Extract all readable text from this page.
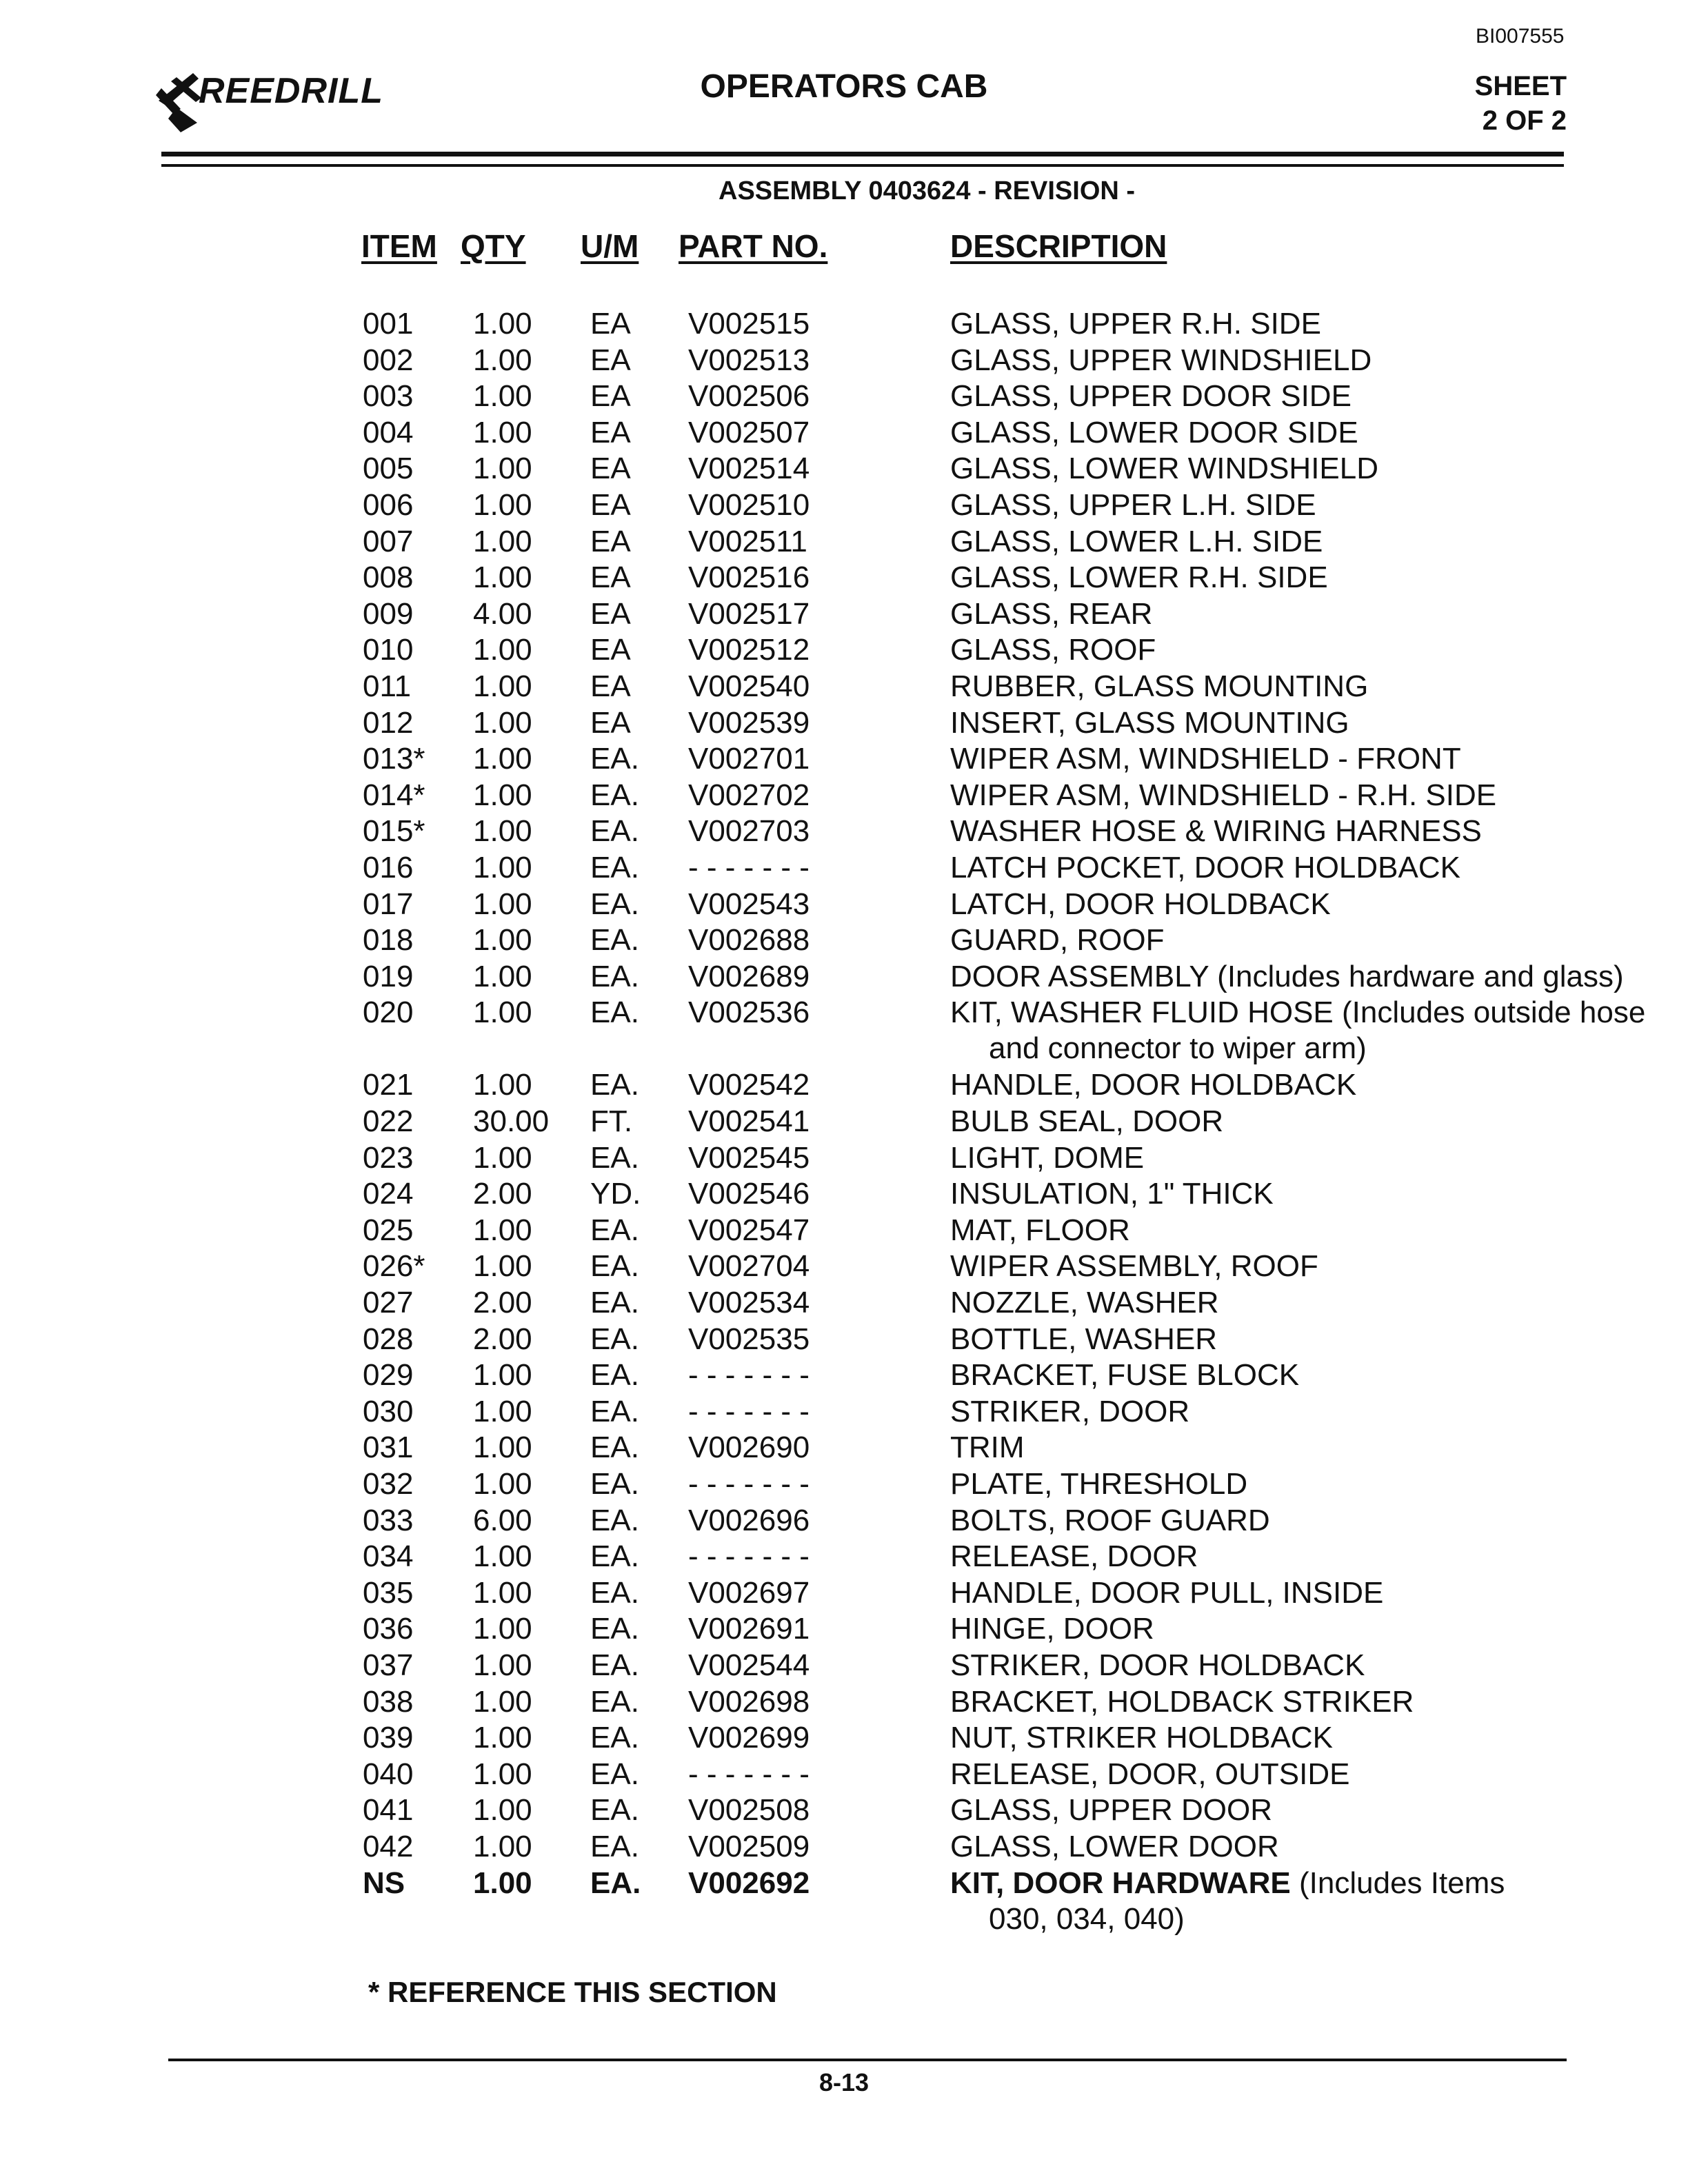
BI007555
REEDRILL	OPERATORS CAB	SHEET
2 OF 2
ASSEMBLY 0403624 - REVISION -
ITEM QTY U/M PART NO.	DESCRIPTION
001 1.00 EA V002515	GLASS, UPPER R.H. SIDE
002 1.00 EA V002513	GLASS, UPPER WINDSHIELD
003 1.00 EA V002506	GLASS, UPPER DOOR SIDE
004 1.00 EA V002507	GLASS, LOWER DOOR SIDE
005 1.00 EA V002514	GLASS, LOWER WINDSHIELD
006 1.00 EA V002510	GLASS, UPPER L.H. SIDE
007 1.00 EA V002511	GLASS, LOWER L.H. SIDE
008 1.00 EA V002516	GLASS, LOWER R.H. SIDE
009 4.00 EA V002517	GLASS, REAR
010 1.00 EA V002512	GLASS, ROOF
011 1.00 EA V002540	RUBBER, GLASS MOUNTING
012 1.00 EA V002539	INSERT, GLASS MOUNTING
013* 1.00 EA. V002701	WIPER ASM, WINDSHIELD - FRONT
014* 1.00 EA. V002702	WIPER ASM, WINDSHIELD - R.H. SIDE
015* 1.00 EA. V002703	WASHER HOSE & WIRING HARNESS
016 1.00 EA. - - - - - - -	LATCH POCKET, DOOR HOLDBACK
017 1.00 EA. V002543	LATCH, DOOR HOLDBACK
018 1.00 EA. V002688	GUARD, ROOF
019 1.00 EA. V002689	DOOR ASSEMBLY (Includes hardware and glass)
020 1.00 EA. V002536	KIT, WASHER FLUID HOSE (Includes outside hose
and connector to wiper arm)
021 1.00 EA. V002542	HANDLE, DOOR HOLDBACK
022 30.00 FT. V002541	BULB SEAL, DOOR
023 1.00 EA. V002545	LIGHT, DOME
024 2.00 YD. V002546	INSULATION, 1" THICK
025 1.00 EA. V002547	MAT, FLOOR
026* 1.00 EA. V002704	WIPER ASSEMBLY, ROOF
027 2.00 EA. V002534	NOZZLE, WASHER
028 2.00 EA. V002535	BOTTLE, WASHER
029 1.00 EA. - - - - - - -	BRACKET, FUSE BLOCK
030 1.00 EA. - - - - - - -	STRIKER, DOOR
031 1.00 EA. V002690	TRIM
032 1.00 EA. - - - - - - -	PLATE, THRESHOLD
033 6.00 EA. V002696	BOLTS, ROOF GUARD
034 1.00 EA. - - - - - - -	RELEASE, DOOR
035 1.00 EA. V002697	HANDLE, DOOR PULL, INSIDE
036 1.00 EA. V002691	HINGE, DOOR
037 1.00 EA. V002544	STRIKER, DOOR HOLDBACK
038 1.00 EA. V002698	BRACKET, HOLDBACK STRIKER
039 1.00 EA. V002699	NUT, STRIKER HOLDBACK
040 1.00 EA. - - - - - - -	RELEASE, DOOR, OUTSIDE
041 1.00 EA. V002508	GLASS, UPPER DOOR
042 1.00 EA. V002509	GLASS, LOWER DOOR
NS 1.00 EA. V002692	KIT, DOOR HARDWARE (Includes Items
030, 034, 040)
* REFERENCE THIS SECTION
8-13
